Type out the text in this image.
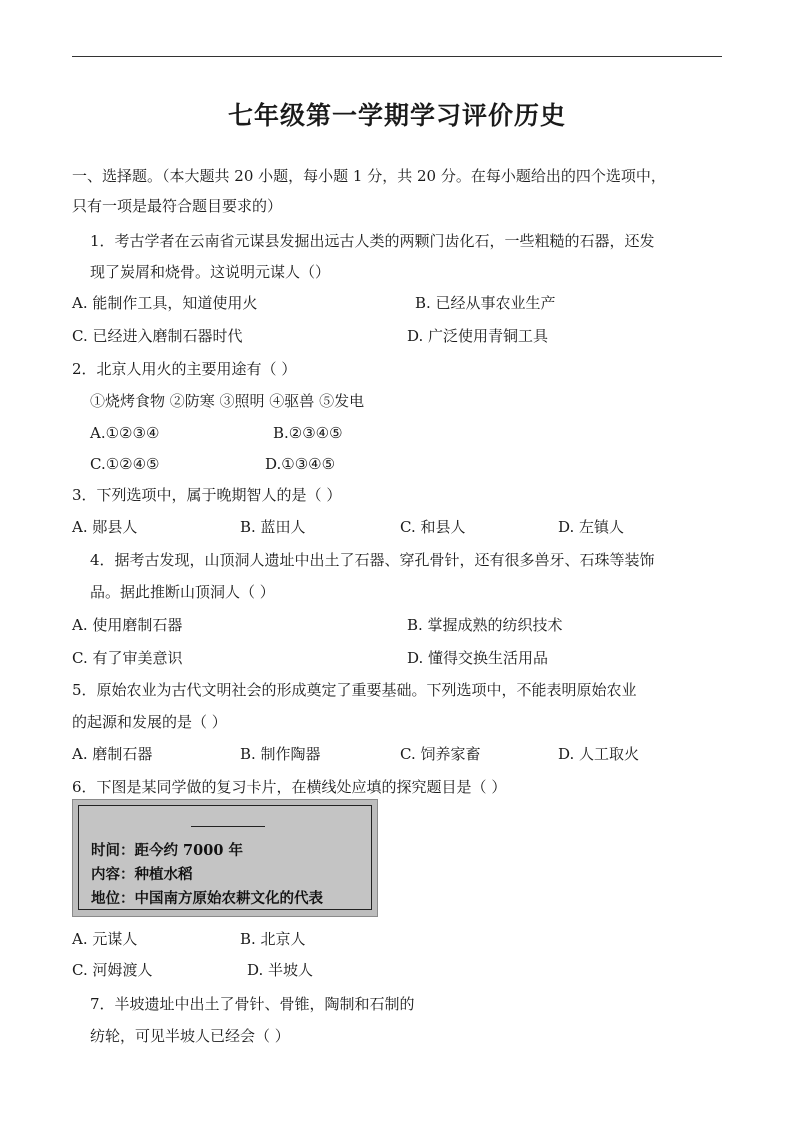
七年级第一学期学习评价历史
一、选择题。（本大题共 20 小题，每小题 1 分，共 20 分。在每小题给出的四个选项中，
只有一项是最符合题目要求的）
1．考古学者在云南省元谋县发掘出远古人类的两颗门齿化石，一些粗糙的石器，还发
现了炭屑和烧骨。这说明元谋人（）
A. 能制作工具，知道使用火	B. 已经从事农业生产
C. 已经进入磨制石器时代	D. 广泛使用青铜工具
2．北京人用火的主要用途有（ ）
①烧烤食物 ②防寒 ③照明 ④驱兽 ⑤发电
A.①②③④	B.②③④⑤
C.①②④⑤	D.①③④⑤
3．下列选项中，属于晚期智人的是（ ）
A. 郧县人	B. 蓝田人	C. 和县人	D. 左镇人
4．据考古发现，山顶洞人遗址中出土了石器、穿孔骨针，还有很多兽牙、石珠等装饰
品。据此推断山顶洞人（ ）
A. 使用磨制石器	B. 掌握成熟的纺织技术
C. 有了审美意识	D. 懂得交换生活用品
5．原始农业为古代文明社会的形成奠定了重要基础。下列选项中，不能表明原始农业
的起源和发展的是（ ）
A. 磨制石器	B. 制作陶器	C. 饲养家畜	D. 人工取火
6．下图是某同学做的复习卡片，在横线处应填的探究题目是（ ）
时间：距今约 7000 年
内容：种植水稻
地位：中国南方原始农耕文化的代表
A. 元谋人	B. 北京人
C. 河姆渡人	D. 半坡人
7．半坡遗址中出土了骨针、骨锥，陶制和石制的
纺轮，可见半坡人已经会（ ）
